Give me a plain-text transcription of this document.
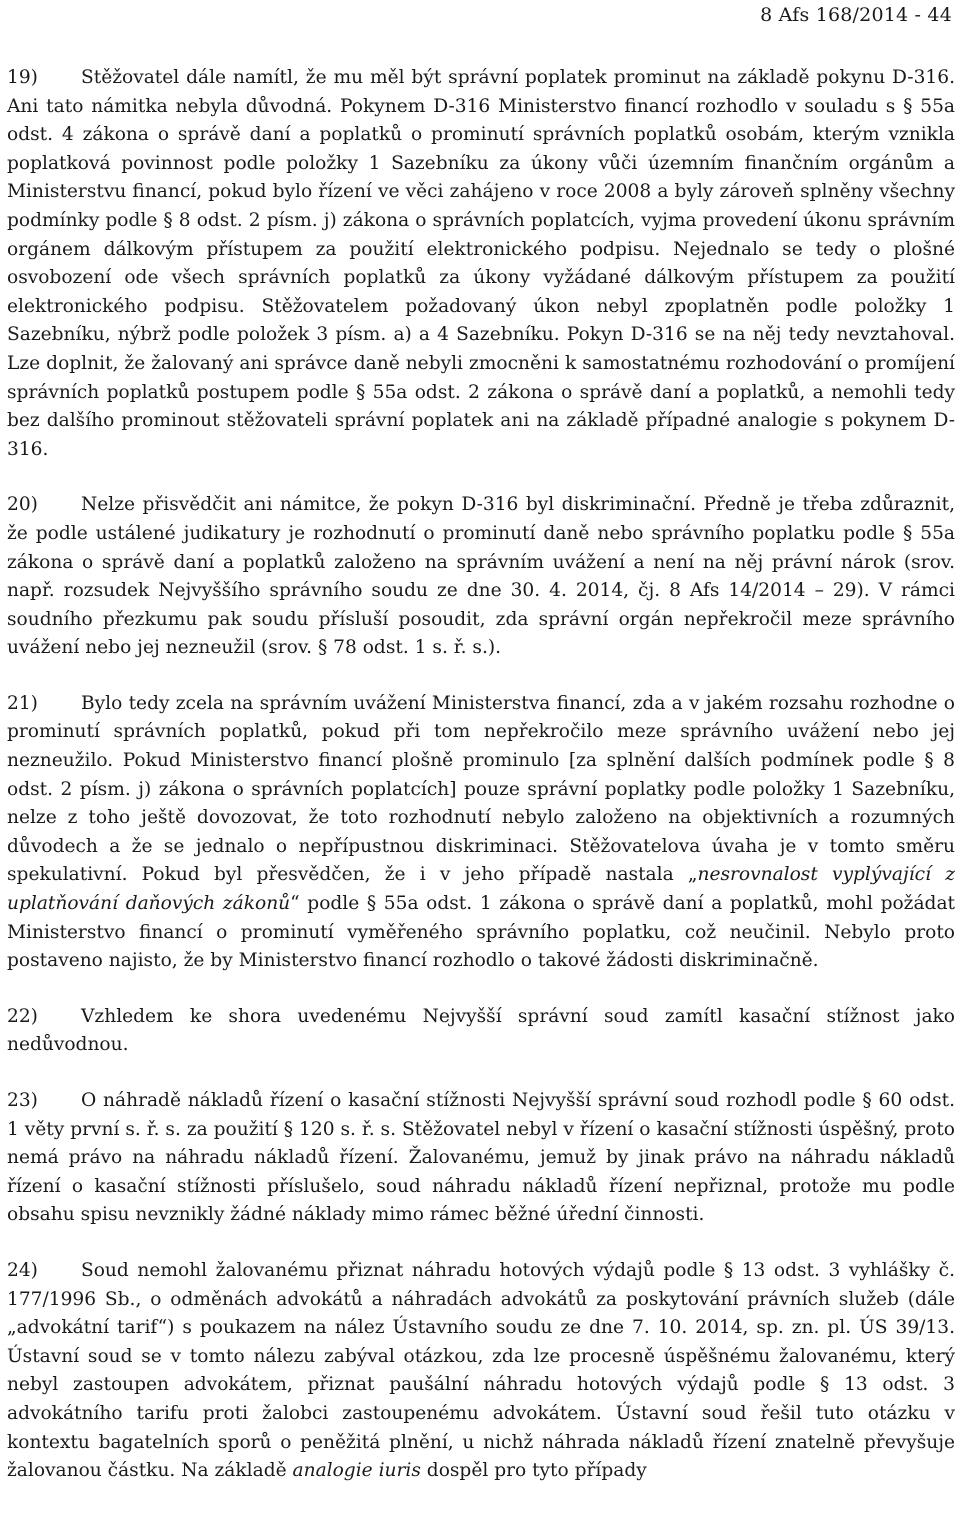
8 Afs 168/2014 - 44

19) Stěžovatel dále namítl, že mu měl být správní poplatek prominut na základě pokynu D-316. Ani tato námitka nebyla důvodná. Pokynem D-316 Ministerstvo financí rozhodlo v souladu s § 55a odst. 4 zákona o správě daní a poplatků o prominutí správních poplatků osobám, kterým vznikla poplatková povinnost podle položky 1 Sazebníku za úkony vůči územním finančním orgánům a Ministerstvu financí, pokud bylo řízení ve věci zahájeno v roce 2008 a byly zároveň splněny všechny podmínky podle § 8 odst. 2 písm. j) zákona o správních poplatcích, vyjma provedení úkonu správním orgánem dálkovým přístupem za použití elektronického podpisu. Nejednalo se tedy o plošné osvobození ode všech správních poplatků za úkony vyžádané dálkovým přístupem za použití elektronického podpisu. Stěžovatelem požadovaný úkon nebyl zpoplatněn podle položky 1 Sazebníku, nýbrž podle položek 3 písm. a) a 4 Sazebníku. Pokyn D-316 se na něj tedy nevztahoval. Lze doplnit, že žalovaný ani správce daně nebyli zmocněni k samostatnému rozhodování o promíjení správních poplatků postupem podle § 55a odst. 2 zákona o správě daní a poplatků, a nemohli tedy bez dalšího prominout stěžovateli správní poplatek ani na základě případné analogie s pokynem D-316.

20) Nelze přisvědčit ani námitce, že pokyn D-316 byl diskriminační. Předně je třeba zdůraznit, že podle ustálené judikatury je rozhodnutí o prominutí daně nebo správního poplatku podle § 55a zákona o správě daní a poplatků založeno na správním uvážení a není na něj právní nárok (srov. např. rozsudek Nejvyššího správního soudu ze dne 30. 4. 2014, čj. 8 Afs 14/2014 – 29). V rámci soudního přezkumu pak soudu přísluší posoudit, zda správní orgán nepřekročil meze správního uvážení nebo jej nezneužil (srov. § 78 odst. 1 s. ř. s.).

21) Bylo tedy zcela na správním uvážení Ministerstva financí, zda a v jakém rozsahu rozhodne o prominutí správních poplatků, pokud při tom nepřekročilo meze správního uvážení nebo jej nezneužilo. Pokud Ministerstvo financí plošně prominulo [za splnění dalších podmínek podle § 8 odst. 2 písm. j) zákona o správních poplatcích] pouze správní poplatky podle položky 1 Sazebníku, nelze z toho ještě dovozovat, že toto rozhodnutí nebylo založeno na objektivních a rozumných důvodech a že se jednalo o nepřípustnou diskriminaci. Stěžovatelova úvaha je v tomto směru spekulativní. Pokud byl přesvědčen, že i v jeho případě nastala „nesrovnalost vyplývající z uplatňování daňových zákonů“ podle § 55a odst. 1 zákona o správě daní a poplatků, mohl požádat Ministerstvo financí o prominutí vyměřeného správního poplatku, což neučinil. Nebylo proto postaveno najisto, že by Ministerstvo financí rozhodlo o takové žádosti diskriminačně.

22) Vzhledem ke shora uvedenému Nejvyšší správní soud zamítl kasační stížnost jako nedůvodnou.

23) O náhradě nákladů řízení o kasační stížnosti Nejvyšší správní soud rozhodl podle § 60 odst. 1 věty první s. ř. s. za použití § 120 s. ř. s. Stěžovatel nebyl v řízení o kasační stížnosti úspěšný, proto nemá právo na náhradu nákladů řízení. Žalovanému, jemuž by jinak právo na náhradu nákladů řízení o kasační stížnosti příslušelo, soud náhradu nákladů řízení nepřiznal, protože mu podle obsahu spisu nevznikly žádné náklady mimo rámec běžné úřední činnosti.

24) Soud nemohl žalovanému přiznat náhradu hotových výdajů podle § 13 odst. 3 vyhlášky č. 177/1996 Sb., o odměnách advokátů a náhradách advokátů za poskytování právních služeb (dále „advokátní tarif“) s poukazem na nález Ústavního soudu ze dne 7. 10. 2014, sp. zn. pl. ÚS 39/13. Ústavní soud se v tomto nálezu zabýval otázkou, zda lze procesně úspěšnému žalovanému, který nebyl zastoupen advokátem, přiznat paušální náhradu hotových výdajů podle § 13 odst. 3 advokátního tarifu proti žalobci zastoupenému advokátem. Ústavní soud řešil tuto otázku v kontextu bagatelních sporů o peněžitá plnění, u nichž náhrada nákladů řízení znatelně převyšuje žalovanou částku. Na základě analogie iuris dospěl pro tyto případy
